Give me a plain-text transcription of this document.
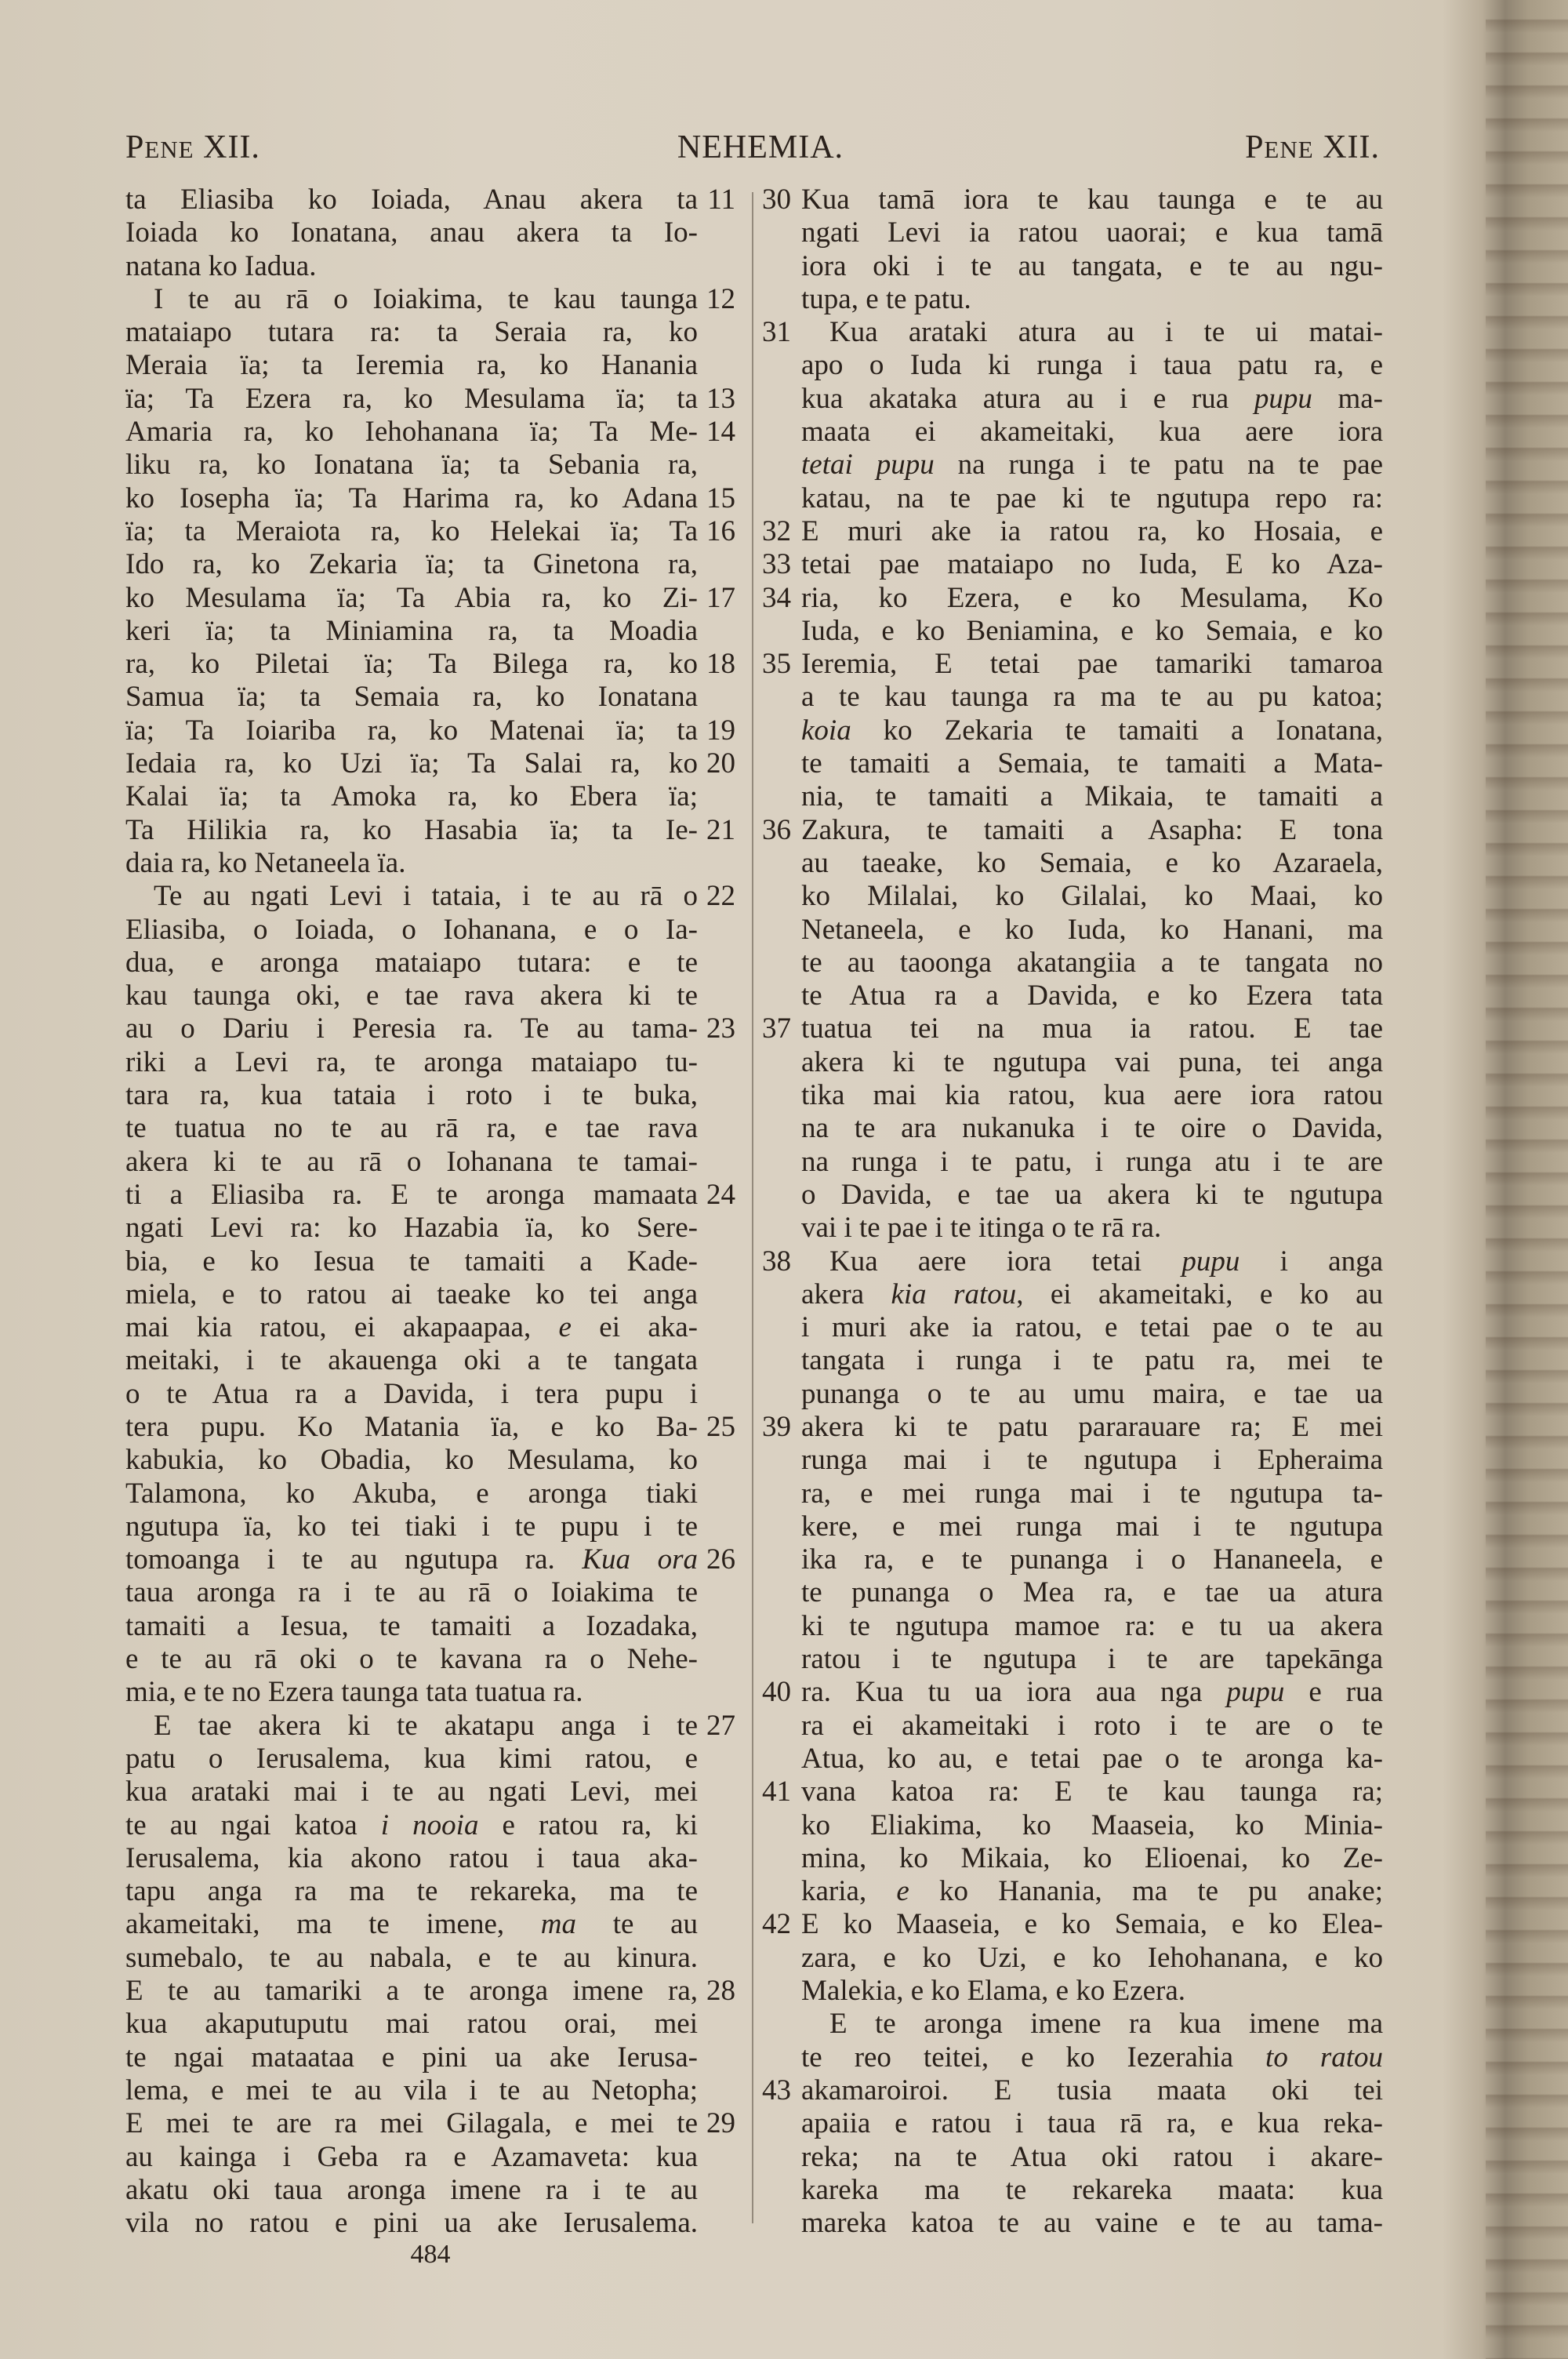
PENE XII.	NEHEMIA.	PENE XII.
ta Eliasiba ko Ioiada, Anau akera ta 11
Ioiada ko Ionatana, anau akera ta Io-
natana ko Iadua.
I te au rā o Ioiakima, te kau taunga 12
mataiapo tutara ra: ta Seraia ra, ko
Meraia ïa; ta Ieremia ra, ko Hanania
ïa; Ta Ezera ra, ko Mesulama ïa; ta 13
Amaria ra, ko Iehohanana ïa; Ta Me- 14
liku ra, ko Ionatana ïa; ta Sebania ra,
ko Iosepha ïa; Ta Harima ra, ko Adana 15
ïa; ta Meraiota ra, ko Helekai ïa; Ta 16
Ido ra, ko Zekaria ïa; ta Ginetona ra,
ko Mesulama ïa; Ta Abia ra, ko Zi- 17
keri ïa; ta Miniamina ra, ta Moadia
ra, ko Piletai ïa; Ta Bilega ra, ko 18
Samua ïa; ta Semaia ra, ko Ionatana
ïa; Ta Ioiariba ra, ko Matenai ïa; ta 19
Iedaia ra, ko Uzi ïa; Ta Salai ra, ko 20
Kalai ïa; ta Amoka ra, ko Ebera ïa;
Ta Hilikia ra, ko Hasabia ïa; ta Ie- 21
daia ra, ko Netaneela ïa.
Te au ngati Levi i tataia, i te au rā o 22
Eliasiba, o Ioiada, o Iohanana, e o Ia-
dua, e aronga mataiapo tutara: e te
kau taunga oki, e tae rava akera ki te
au o Dariu i Peresia ra. Te au tama- 23
riki a Levi ra, te aronga mataiapo tu-
tara ra, kua tataia i roto i te buka,
te tuatua no te au rā ra, e tae rava
akera ki te au rā o Iohanana te tamai-
ti a Eliasiba ra. E te aronga mamaata 24
ngati Levi ra: ko Hazabia ïa, ko Sere-
bia, e ko Iesua te tamaiti a Kade-
miela, e to ratou ai taeake ko tei anga
mai kia ratou, ei akapaapaa, e ei aka-
meitaki, i te akauenga oki a te tangata
o te Atua ra a Davida, i tera pupu i
tera pupu. Ko Matania ïa, e ko Ba- 25
kabukia, ko Obadia, ko Mesulama, ko
Talamona, ko Akuba, e aronga tiaki
ngutupa ïa, ko tei tiaki i te pupu i te
tomoanga i te au ngutupa ra. Kua ora 26
taua aronga ra i te au rā o Ioiakima te
tamaiti a Iesua, te tamaiti a Iozadaka,
e te au rā oki o te kavana ra o Nehe-
mia, e te no Ezera taunga tata tuatua ra.
E tae akera ki te akatapu anga i te 27
patu o Ierusalema, kua kimi ratou, e
kua arataki mai i te au ngati Levi, mei
te au ngai katoa i nooia e ratou ra, ki
Ierusalema, kia akono ratou i taua aka-
tapu anga ra ma te rekareka, ma te
akameitaki, ma te imene, ma te au
sumebalo, te au nabala, e te au kinura.
E te au tamariki a te aronga imene ra, 28
kua akaputuputu mai ratou orai, mei
te ngai mataataa e pini ua ake Ierusa-
lema, e mei te au vila i te au Netopha;
E mei te are ra mei Gilagala, e mei te 29
au kainga i Geba ra e Azamaveta: kua
akatu oki taua aronga imene ra i te au
vila no ratou e pini ua ake Ierusalema.
30 Kua tamā iora te kau taunga e te au
ngati Levi ia ratou uaorai; e kua tamā
iora oki i te au tangata, e te au ngu-
tupa, e te patu.
31	Kua arataki atura au i te ui matai-
apo o Iuda ki runga i taua patu ra, e
kua akataka atura au i e rua pupu ma-
maata ei akameitaki, kua aere iora
tetai pupu na runga i te patu na te pae
katau, na te pae ki te ngutupa repo ra:
32 E muri ake ia ratou ra, ko Hosaia, e
33 tetai pae mataiapo no Iuda, E ko Aza-
34 ria, ko Ezera, e ko Mesulama, Ko
Iuda, e ko Beniamina, e ko Semaia, e ko
35 Ieremia, E tetai pae tamariki tamaroa
a te kau taunga ra ma te au pu katoa;
koia ko Zekaria te tamaiti a Ionatana,
te tamaiti a Semaia, te tamaiti a Mata-
nia, te tamaiti a Mikaia, te tamaiti a
36 Zakura, te tamaiti a Asapha: E tona
au taeake, ko Semaia, e ko Azaraela,
ko Milalai, ko Gilalai, ko Maai, ko
Netaneela, e ko Iuda, ko Hanani, ma
te au taoonga akatangiia a te tangata no
te Atua ra a Davida, e ko Ezera tata
37 tuatua tei na mua ia ratou. E tae
akera ki te ngutupa vai puna, tei anga
tika mai kia ratou, kua aere iora ratou
na te ara nukanuka i te oire o Davida,
na runga i te patu, i runga atu i te are
o Davida, e tae ua akera ki te ngutupa
vai i te pae i te itinga o te rā ra.
38	Kua aere iora tetai pupu i anga
akera kia ratou, ei akameitaki, e ko au
i muri ake ia ratou, e tetai pae o te au
tangata i runga i te patu ra, mei te
punanga o te au umu maira, e tae ua
39 akera ki te patu pararauare ra; E mei
runga mai i te ngutupa i Epheraima
ra, e mei runga mai i te ngutupa ta-
kere, e mei runga mai i te ngutupa
ika ra, e te punanga i o Hananeela, e
te punanga o Mea ra, e tae ua atura
ki te ngutupa mamoe ra: e tu ua akera
ratou i te ngutupa i te are tapekānga
40 ra. Kua tu ua iora aua nga pupu e rua
ra ei akameitaki i roto i te are o te
Atua, ko au, e tetai pae o te aronga ka-
41 vana katoa ra: E te kau taunga ra;
ko Eliakima, ko Maaseia, ko Minia-
mina, ko Mikaia, ko Elioenai, ko Ze-
karia, e ko Hanania, ma te pu anake;
42 E ko Maaseia, e ko Semaia, e ko Elea-
zara, e ko Uzi, e ko Iehohanana, e ko
Malekia, e ko Elama, e ko Ezera.
E te aronga imene ra kua imene ma
te reo teitei, e ko Iezerahia to ratou
43 akamaroiroi. E tusia maata oki tei
apaiia e ratou i taua rā ra, e kua reka-
reka; na te Atua oki ratou i akare-
kareka ma te rekareka maata: kua
mareka katoa te au vaine e te au tama-
484
